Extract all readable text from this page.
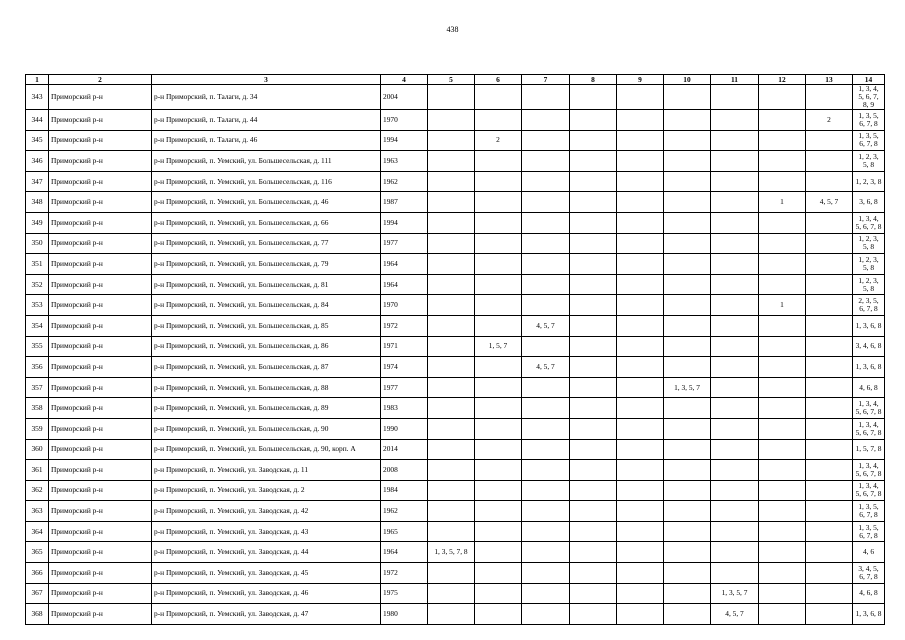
438
1	2	3	4	5	6	7	8	9	10	11	12	13	14
343	Приморский р-н	р-н Приморский, п. Талаги, д. 34	2004										1, 3, 4, 5, 6, 7, 8, 9
344	Приморский р-н	р-н Приморский, п. Талаги, д. 44	1970									2	1, 3, 5, 6, 7, 8
345	Приморский р-н	р-н Приморский, п. Талаги, д. 46	1994		2								1, 3, 5, 6, 7, 8
346	Приморский р-н	р-н Приморский, п. Уемский, ул. Большесельская, д. 111	1963										1, 2, 3, 5, 8
347	Приморский р-н	р-н Приморский, п. Уемский, ул. Большесельская, д. 116	1962										1, 2, 3, 8
348	Приморский р-н	р-н Приморский, п. Уемский, ул. Большесельская, д. 46	1987								1	4, 5, 7	3, 6, 8
349	Приморский р-н	р-н Приморский, п. Уемский, ул. Большесельская, д. 66	1994										1, 3, 4, 5, 6, 7, 8
350	Приморский р-н	р-н Приморский, п. Уемский, ул. Большесельская, д. 77	1977										1, 2, 3, 5, 8
351	Приморский р-н	р-н Приморский, п. Уемский, ул. Большесельская, д. 79	1964										1, 2, 3, 5, 8
352	Приморский р-н	р-н Приморский, п. Уемский, ул. Большесельская, д. 81	1964										1, 2, 3, 5, 8
353	Приморский р-н	р-н Приморский, п. Уемский, ул. Большесельская, д. 84	1970								1		2, 3, 5, 6, 7, 8
354	Приморский р-н	р-н Приморский, п. Уемский, ул. Большесельская, д. 85	1972			4, 5, 7							1, 3, 6, 8
355	Приморский р-н	р-н Приморский, п. Уемский, ул. Большесельская, д. 86	1971		1, 5, 7								3, 4, 6, 8
356	Приморский р-н	р-н Приморский, п. Уемский, ул. Большесельская, д. 87	1974			4, 5, 7							1, 3, 6, 8
357	Приморский р-н	р-н Приморский, п. Уемский, ул. Большесельская, д. 88	1977						1, 3, 5, 7				4, 6, 8
358	Приморский р-н	р-н Приморский, п. Уемский, ул. Большесельская, д. 89	1983										1, 3, 4, 5, 6, 7, 8
359	Приморский р-н	р-н Приморский, п. Уемский, ул. Большесельская, д. 90	1990										1, 3, 4, 5, 6, 7, 8
360	Приморский р-н	р-н Приморский, п. Уемский, ул. Большесельская, д. 90, корп. А	2014										1, 5, 7, 8
361	Приморский р-н	р-н Приморский, п. Уемский, ул. Заводская, д. 11	2008										1, 3, 4, 5, 6, 7, 8
362	Приморский р-н	р-н Приморский, п. Уемский, ул. Заводская, д. 2	1984										1, 3, 4, 5, 6, 7, 8
363	Приморский р-н	р-н Приморский, п. Уемский, ул. Заводская, д. 42	1962										1, 3, 5, 6, 7, 8
364	Приморский р-н	р-н Приморский, п. Уемский, ул. Заводская, д. 43	1965										1, 3, 5, 6, 7, 8
365	Приморский р-н	р-н Приморский, п. Уемский, ул. Заводская, д. 44	1964	1, 3, 5, 7, 8									4, 6
366	Приморский р-н	р-н Приморский, п. Уемский, ул. Заводская, д. 45	1972										3, 4, 5, 6, 7, 8
367	Приморский р-н	р-н Приморский, п. Уемский, ул. Заводская, д. 46	1975							1, 3, 5, 7			4, 6, 8
368	Приморский р-н	р-н Приморский, п. Уемский, ул. Заводская, д. 47	1980							4, 5, 7			1, 3, 6, 8
